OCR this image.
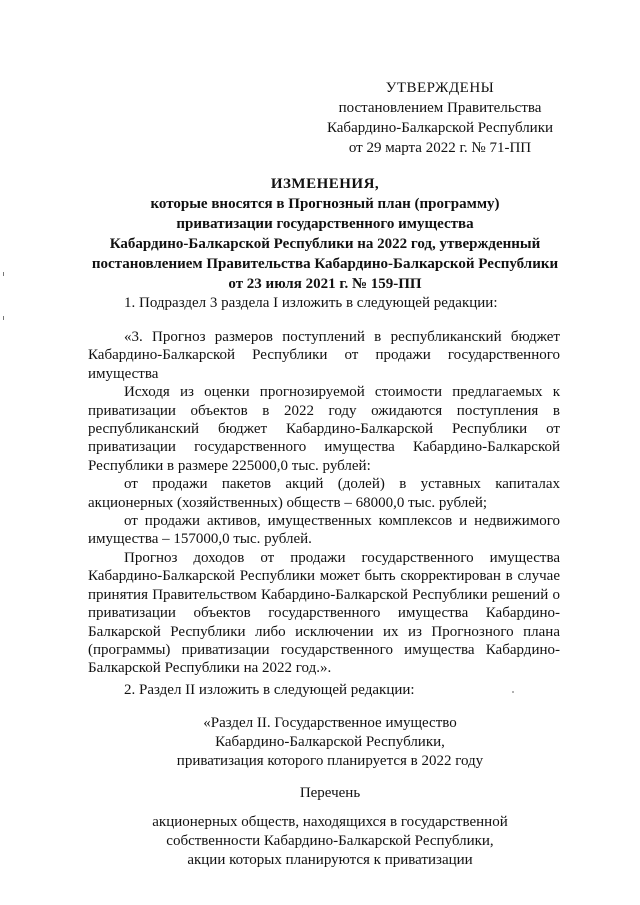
УТВЕРЖДЕНЫ
постановлением Правительства
Кабардино-Балкарской Республики
от 29 марта 2022 г. № 71-ПП
ИЗМЕНЕНИЯ,
которые вносятся в Прогнозный план (программу)
приватизации государственного имущества
Кабардино-Балкарской Республики на 2022 год, утвержденный
постановлением Правительства Кабардино-Балкарской Республики
от 23 июля 2021 г. № 159-ПП
1. Подраздел 3 раздела I изложить в следующей редакции:

«3. Прогноз размеров поступлений в республиканский бюджет Кабардино-Балкарской Республики от продажи государственного имущества

Исходя из оценки прогнозируемой стоимости предлагаемых к приватизации объектов в 2022 году ожидаются поступления в республиканский бюджет Кабардино-Балкарской Республики от приватизации государственного имущества Кабардино-Балкарской Республики в размере 225000,0 тыс. рублей:

от продажи пакетов акций (долей) в уставных капиталах акционерных (хозяйственных) обществ – 68000,0 тыс. рублей;

от продажи активов, имущественных комплексов и недвижимого имущества – 157000,0 тыс. рублей.

Прогноз доходов от продажи государственного имущества Кабардино-Балкарской Республики может быть скорректирован в случае принятия Правительством Кабардино-Балкарской Республики решений о приватизации объектов государственного имущества Кабардино-Балкарской Республики либо исключении их из Прогнозного плана (программы) приватизации государственного имущества Кабардино-Балкарской Республики на 2022 год.».

2. Раздел II изложить в следующей редакции:
«Раздел II. Государственное имущество
Кабардино-Балкарской Республики,
приватизация которого планируется в 2022 году
Перечень
акционерных обществ, находящихся в государственной
собственности Кабардино-Балкарской Республики,
акции которых планируются к приватизации
